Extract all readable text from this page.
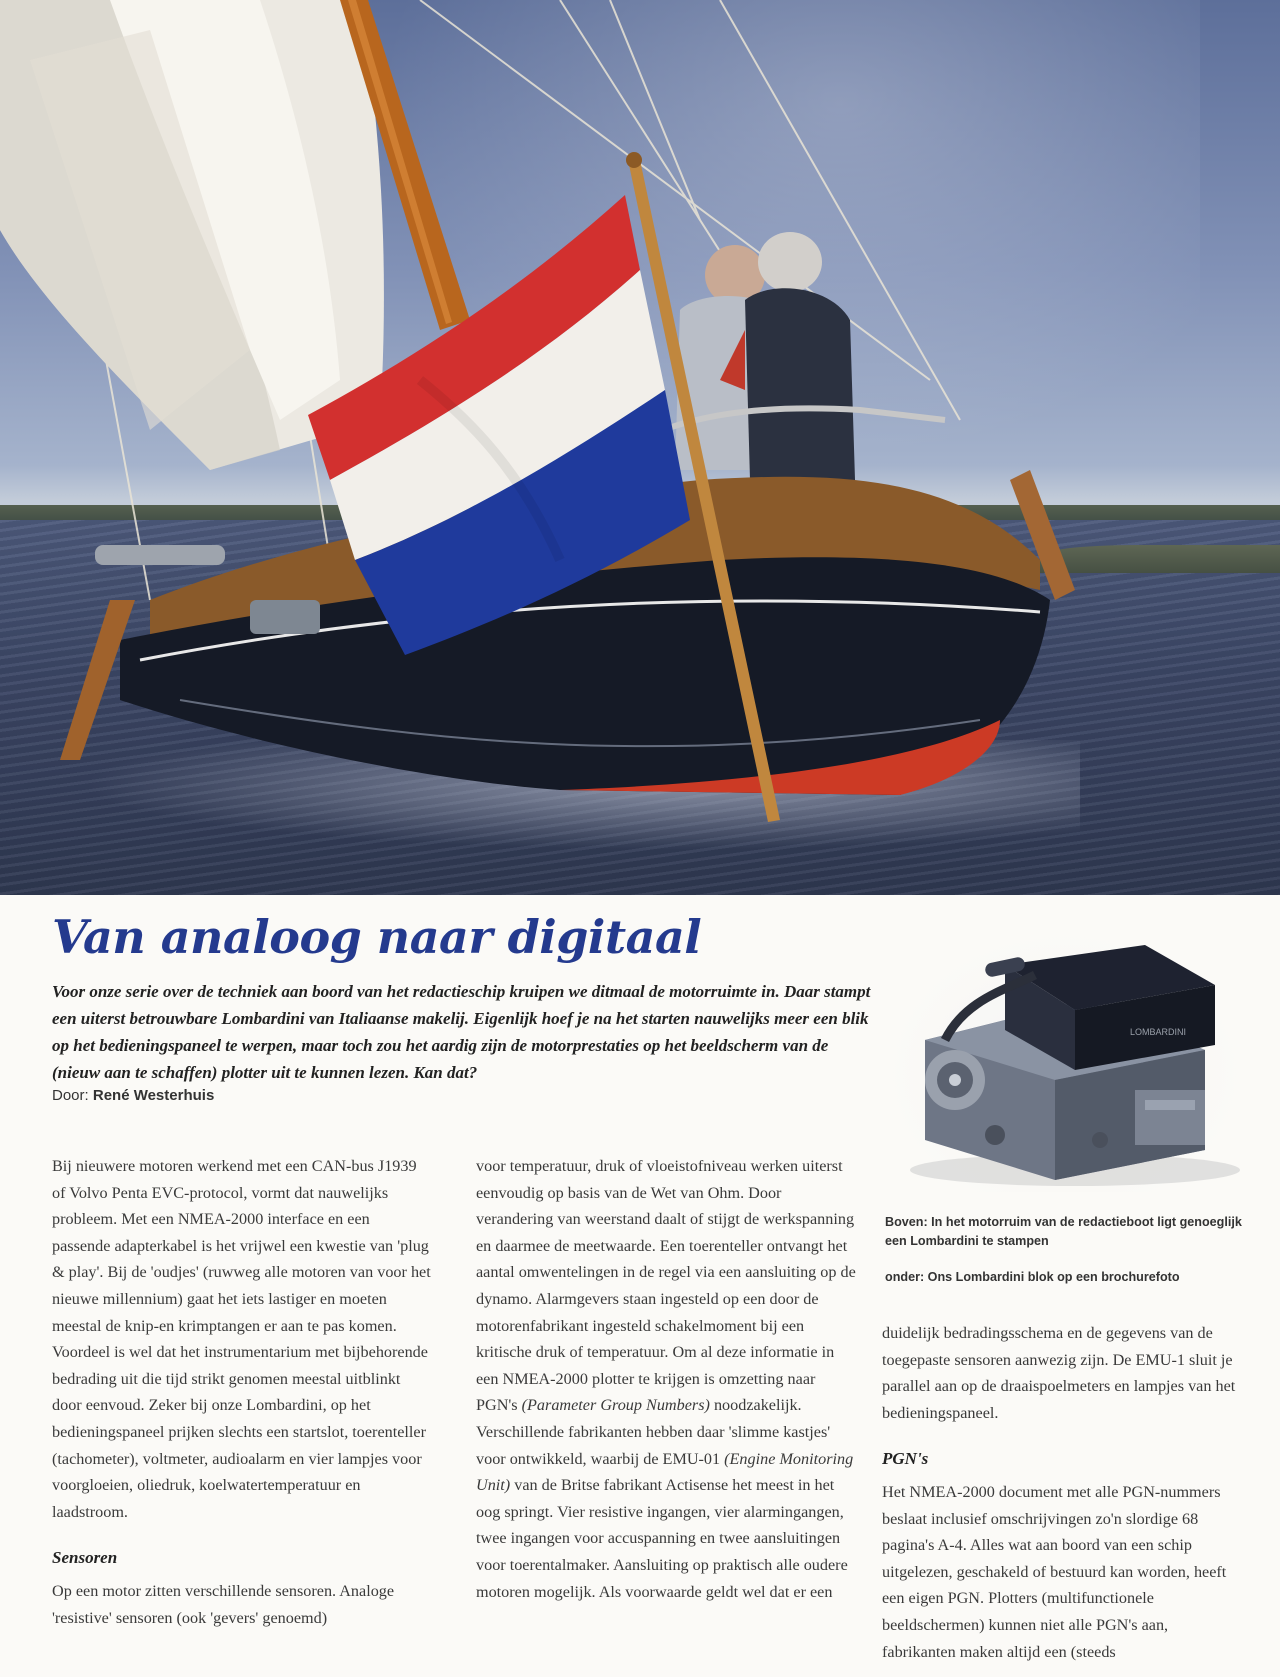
Van analoog naar digitaal

Voor onze serie over de techniek aan boord van het redactieschip kruipen we ditmaal de motorruimte in. Daar stampt een uiterst betrouwbare Lombardini van Italiaanse makelij. Eigenlijk hoef je na het starten nauwelijks meer een blik op het bedieningspaneel te werpen, maar toch zou het aardig zijn de motorprestaties op het beeldscherm van de (nieuw aan te schaffen) plotter uit te kunnen lezen. Kan dat?

Door: René Westerhuis

Bij nieuwere motoren werkend met een CAN-bus J1939 of Volvo Penta EVC-protocol, vormt dat nauwelijks probleem. Met een NMEA-2000 interface en een passende adapterkabel is het vrijwel een kwestie van 'plug & play'. Bij de 'oudjes' (ruwweg alle motoren van voor het nieuwe millennium) gaat het iets lastiger en moeten meestal de knip-en krimptangen er aan te pas komen. Voordeel is wel dat het instrumentarium met bijbehorende bedrading uit die tijd strikt genomen meestal uitblinkt door eenvoud. Zeker bij onze Lombardini, op het bedieningspaneel prijken slechts een startslot, toerenteller (tachometer), voltmeter, audioalarm en vier lampjes voor voorgloeien, oliedruk, koelwatertemperatuur en laadstroom.

Sensoren

Op een motor zitten verschillende sensoren. Analoge 'resistive' sensoren (ook 'gevers' genoemd)

voor temperatuur, druk of vloeistofniveau werken uiterst eenvoudig op basis van de Wet van Ohm. Door verandering van weerstand daalt of stijgt de werkspanning en daarmee de meetwaarde. Een toerenteller ontvangt het aantal omwentelingen in de regel via een aansluiting op de dynamo. Alarmgevers staan ingesteld op een door de motorenfabrikant ingesteld schakelmoment bij een kritische druk of temperatuur. Om al deze informatie in een NMEA-2000 plotter te krijgen is omzetting naar PGN's (Parameter Group Numbers) noodzakelijk. Verschillende fabrikanten hebben daar 'slimme kastjes' voor ontwikkeld, waarbij de EMU-01 (Engine Monitoring Unit) van de Britse fabrikant Actisense het meest in het oog springt. Vier resistive ingangen, vier alarmingangen, twee ingangen voor accuspanning en twee aansluitingen voor toerentalmaker. Aansluiting op praktisch alle oudere motoren mogelijk. Als voorwaarde geldt wel dat er een

LOMBARDINI

Boven: In het motorruim van de redactieboot ligt genoeglijk een Lombardini te stampen

onder: Ons Lombardini blok op een brochurefoto

duidelijk bedradingsschema en de gegevens van de toegepaste sensoren aanwezig zijn. De EMU-1 sluit je parallel aan op de draaispoelmeters en lampjes van het bedieningspaneel.

PGN's

Het NMEA-2000 document met alle PGN-nummers beslaat inclusief omschrijvingen zo'n slordige 68 pagina's A-4. Alles wat aan boord van een schip uitgelezen, geschakeld of bestuurd kan worden, heeft een eigen PGN. Plotters (multifunctionele beeldschermen) kunnen niet alle PGN's aan, fabrikanten maken altijd een (steeds
